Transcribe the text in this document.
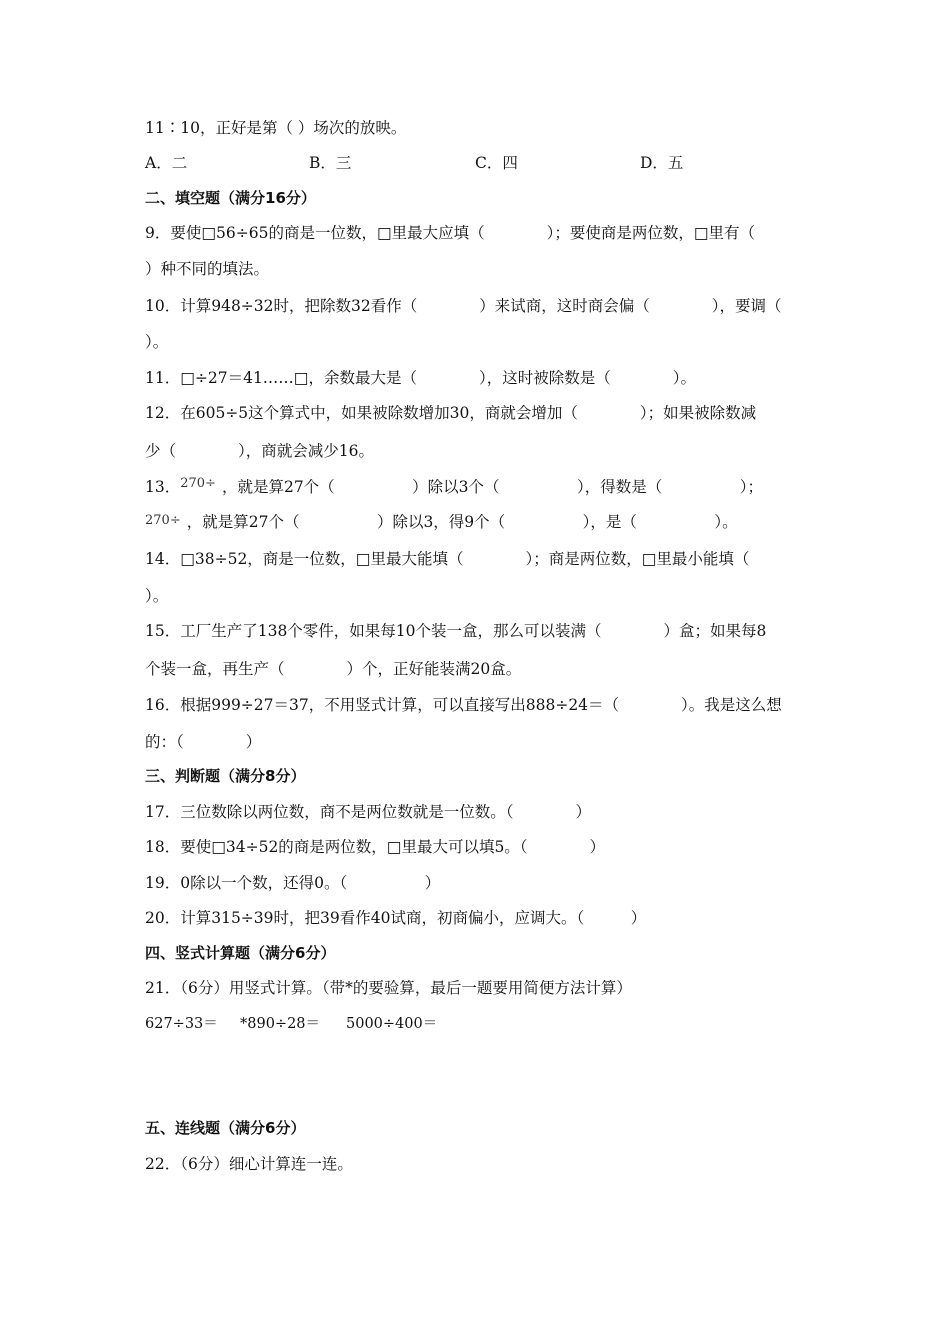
11∶10，正好是第（ ）场次的放映。
A．二	B．三	C．四	D．五
二、填空题（满分16分）
9．要使□56÷65的商是一位数，□里最大应填（　　　　）；要使商是两位数，□里有（
）种不同的填法。
10．计算948÷32时，把除数32看作（　　　　）来试商，这时商会偏（　　　　），要调（
）。
11．□÷27＝41……□，余数最大是（　　　　），这时被除数是（　　　　）。
12．在605÷5这个算式中，如果被除数增加30，商就会增加（　　　　）；如果被除数减
少（　　　　），商就会减少16。
13．270÷ ，就是算27个（　　　　　）除以3个（　　　　　），得数是（　　　　　）；
270÷ ，就是算27个（　　　　　）除以3，得9个（　　　　　），是（　　　　　）。
14．□38÷52，商是一位数，□里最大能填（　　　　）；商是两位数，□里最小能填（
）。
15．工厂生产了138个零件，如果每10个装一盒，那么可以装满（　　　　）盒；如果每8
个装一盒，再生产（　　　　）个，正好能装满20盒。
16．根据999÷27＝37，不用竖式计算，可以直接写出888÷24＝（　　　　）。我是这么想
的：（　　　　）
三、判断题（满分8分）
17．三位数除以两位数，商不是两位数就是一位数。（　　　　）
18．要使□34÷52的商是两位数，□里最大可以填5。（　　　　）
19．0除以一个数，还得0。（　　　　　）
20．计算315÷39时，把39看作40试商，初商偏小，应调大。（　　　）
四、竖式计算题（满分6分）
21．（6分）用竖式计算。（带*的要验算，最后一题要用简便方法计算）
627÷33＝ *890÷28＝ 5000÷400＝
五、连线题（满分6分）
22．（6分）细心计算连一连。
